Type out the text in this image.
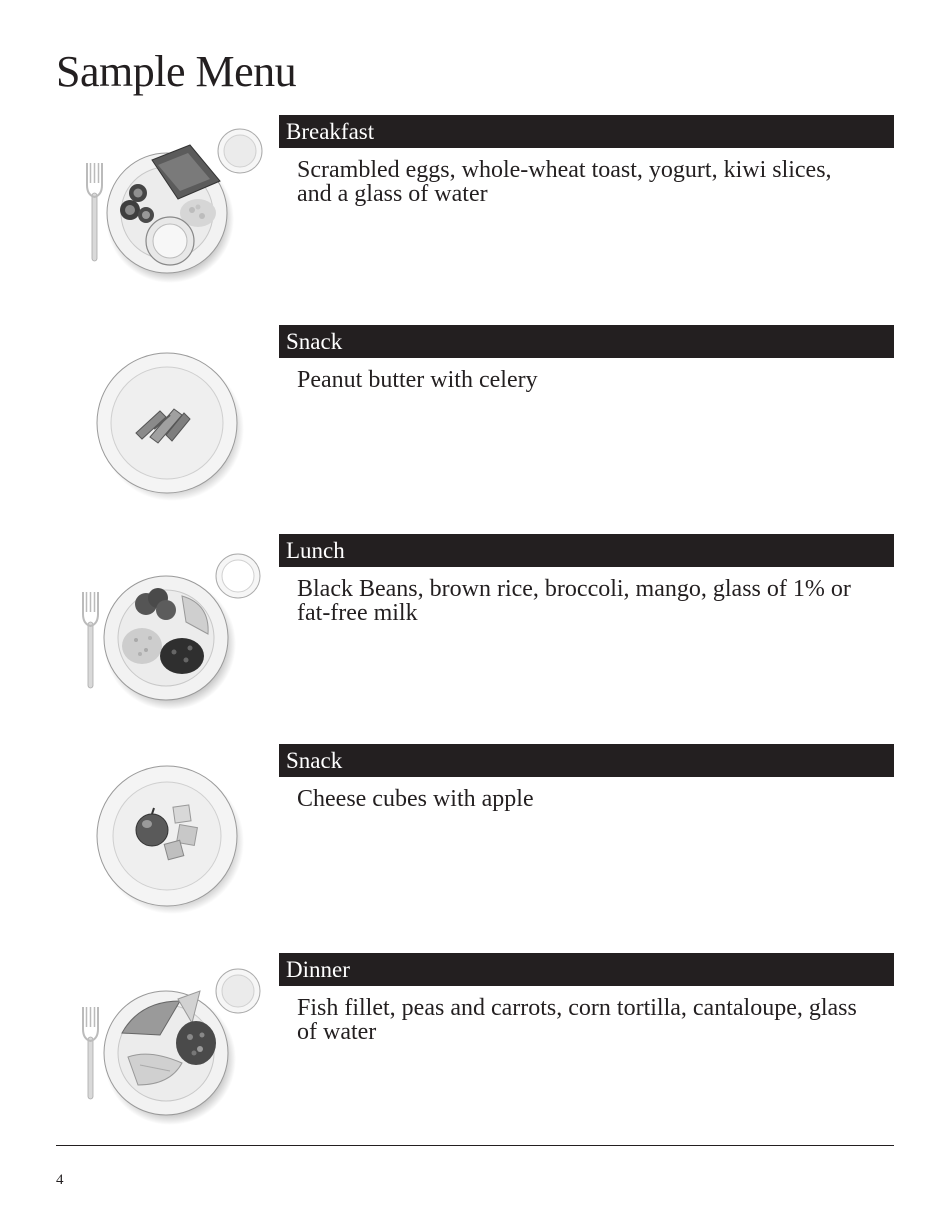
Sample Menu
Breakfast
Scrambled eggs, whole-wheat toast, yogurt, kiwi slices, and a glass of water
Snack
Peanut butter with celery
Lunch
Black Beans, brown rice, broccoli, mango, glass of 1% or fat-free milk
Snack
Cheese cubes with apple
Dinner
Fish fillet, peas and carrots, corn tortilla, cantaloupe, glass of water
4
